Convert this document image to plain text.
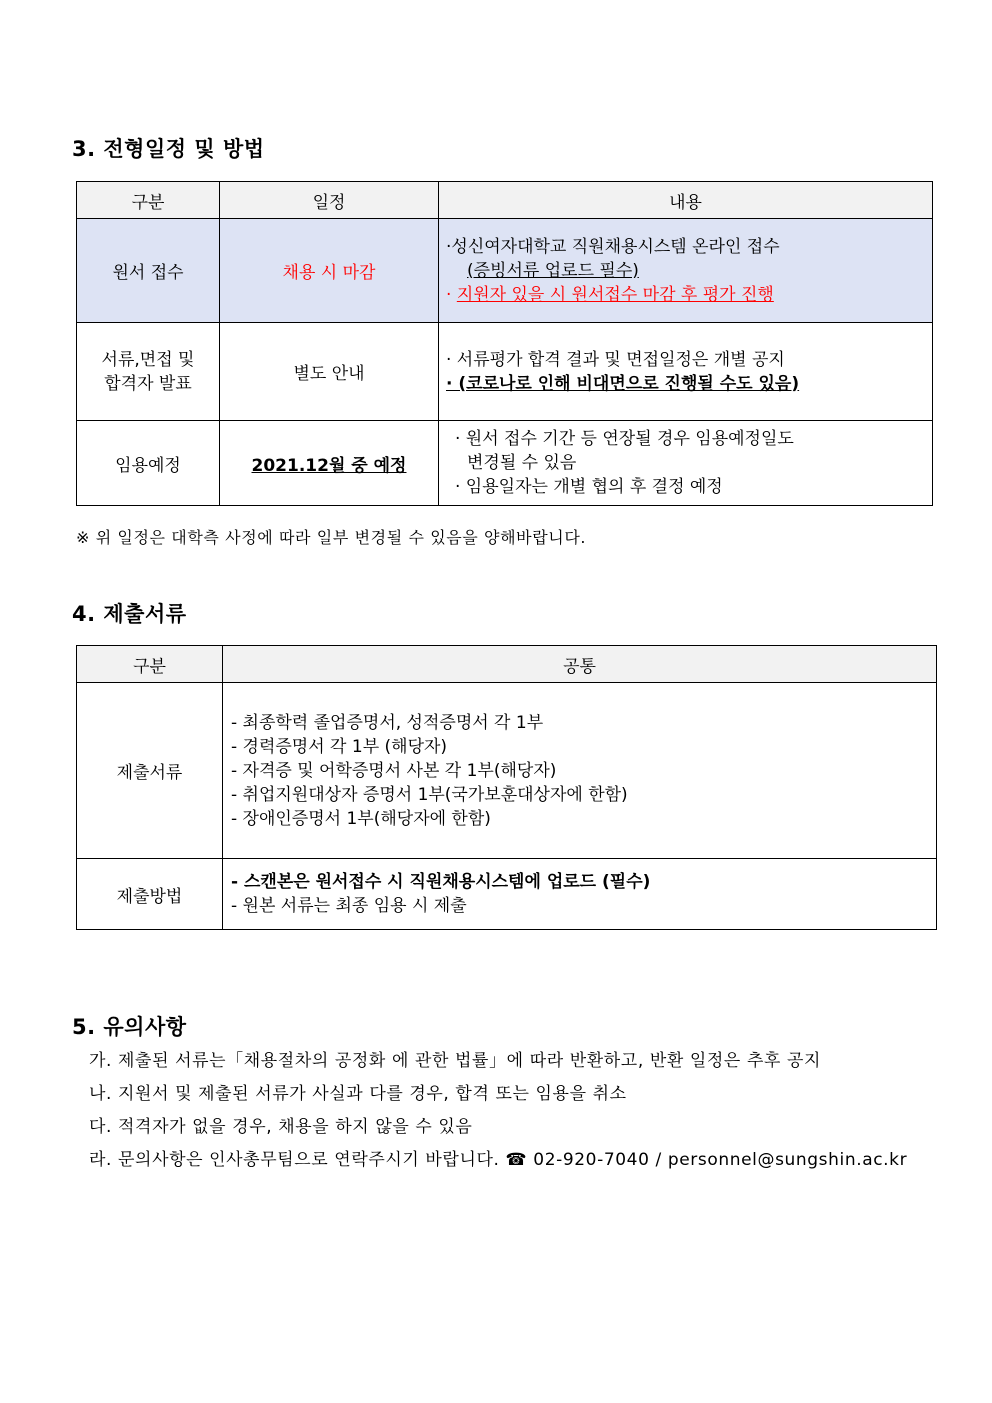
3. 전형일정 및 방법
구분	일정	내용
원서 접수	채용 시 마감	·성신여자대학교 직원채용시스템 온라인 접수
(증빙서류 업로드 필수)
· 지원자 있을 시 원서접수 마감 후 평가 진행

서류,면접 및
합격자 발표	별도 안내	· 서류평가 합격 결과 및 면접일정은 개별 공지
· (코로나로 인해 비대면으로 진행될 수도 있음)
임용예정	2021.12월 중 예정	· 원서 접수 기간 등 연장될 경우 임용예정일도
변경될 수 있음
· 임용일자는 개별 협의 후 결정 예정

※ 위 일정은 대학측 사정에 따라 일부 변경될 수 있음을 양해바랍니다.

4. 제출서류
구분	공통
제출서류	- 최종학력 졸업증명서, 성적증명서 각 1부
- 경력증명서 각 1부 (해당자)
- 자격증 및 어학증명서 사본 각 1부(해당자)
- 취업지원대상자 증명서 1부(국가보훈대상자에 한함)
- 장애인증명서 1부(해당자에 한함)

제출방법	- 스캔본은 원서접수 시 직원채용시스템에 업로드 (필수)
- 원본 서류는 최종 임용 시 제출
5. 유의사항
가. 제출된 서류는「채용절차의 공정화 에 관한 법률」에 따라 반환하고, 반환 일정은 추후 공지
나. 지원서 및 제출된 서류가 사실과 다를 경우, 합격 또는 임용을 취소
다. 적격자가 없을 경우, 채용을 하지 않을 수 있음
라. 문의사항은 인사총무팀으로 연락주시기 바랍니다. ☎ 02-920-7040 / personnel@sungshin.ac.kr
